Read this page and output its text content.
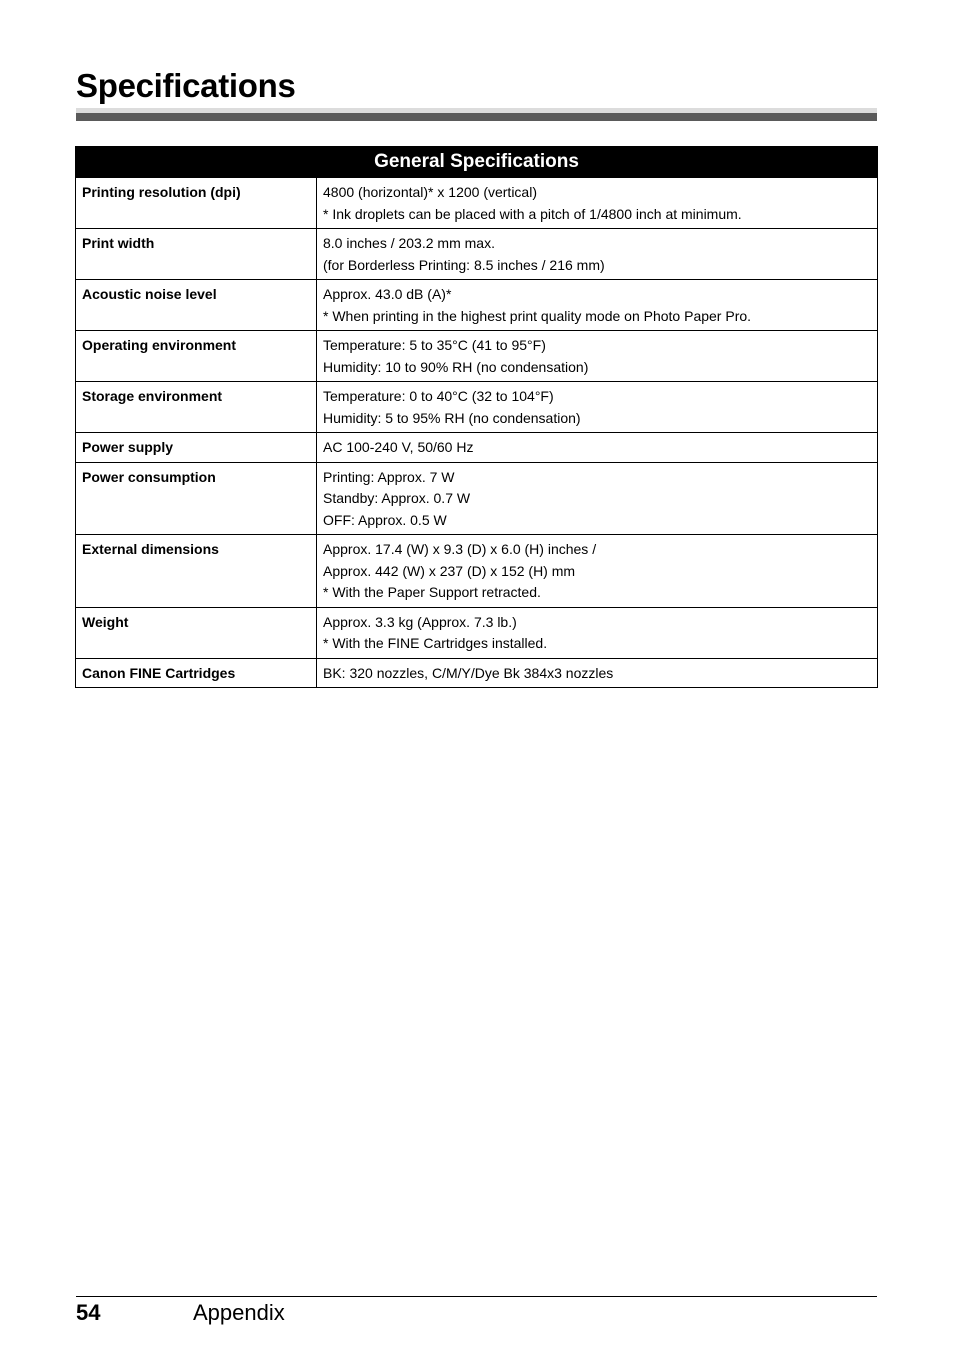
Specifications
General Specifications	
Printing resolution (dpi)	4800 (horizontal)* x 1200 (vertical)
* Ink droplets can be placed with a pitch of 1/4800 inch at minimum.

Print width	8.0 inches / 203.2 mm max.
(for Borderless Printing: 8.5 inches / 216 mm)

Acoustic noise level	Approx. 43.0 dB (A)*
* When printing in the highest print quality mode on Photo Paper Pro.

Operating environment	Temperature: 5 to 35°C (41 to 95°F)
Humidity: 10 to 90% RH (no condensation)

Storage environment	Temperature: 0 to 40°C (32 to 104°F)
Humidity: 5 to 95% RH (no condensation)

Power supply	AC 100-240 V, 50/60 Hz

Power consumption	Printing: Approx. 7 W
Standby: Approx. 0.7 W
OFF: Approx. 0.5 W

External dimensions	Approx. 17.4 (W) x 9.3 (D) x 6.0 (H) inches /
Approx. 442 (W) x 237 (D) x 152 (H) mm
* With the Paper Support retracted.

Weight	Approx. 3.3 kg (Approx. 7.3 lb.)
* With the FINE Cartridges installed.

Canon FINE Cartridges	BK: 320 nozzles, C/M/Y/Dye Bk 384x3 nozzles
54	Appendix
